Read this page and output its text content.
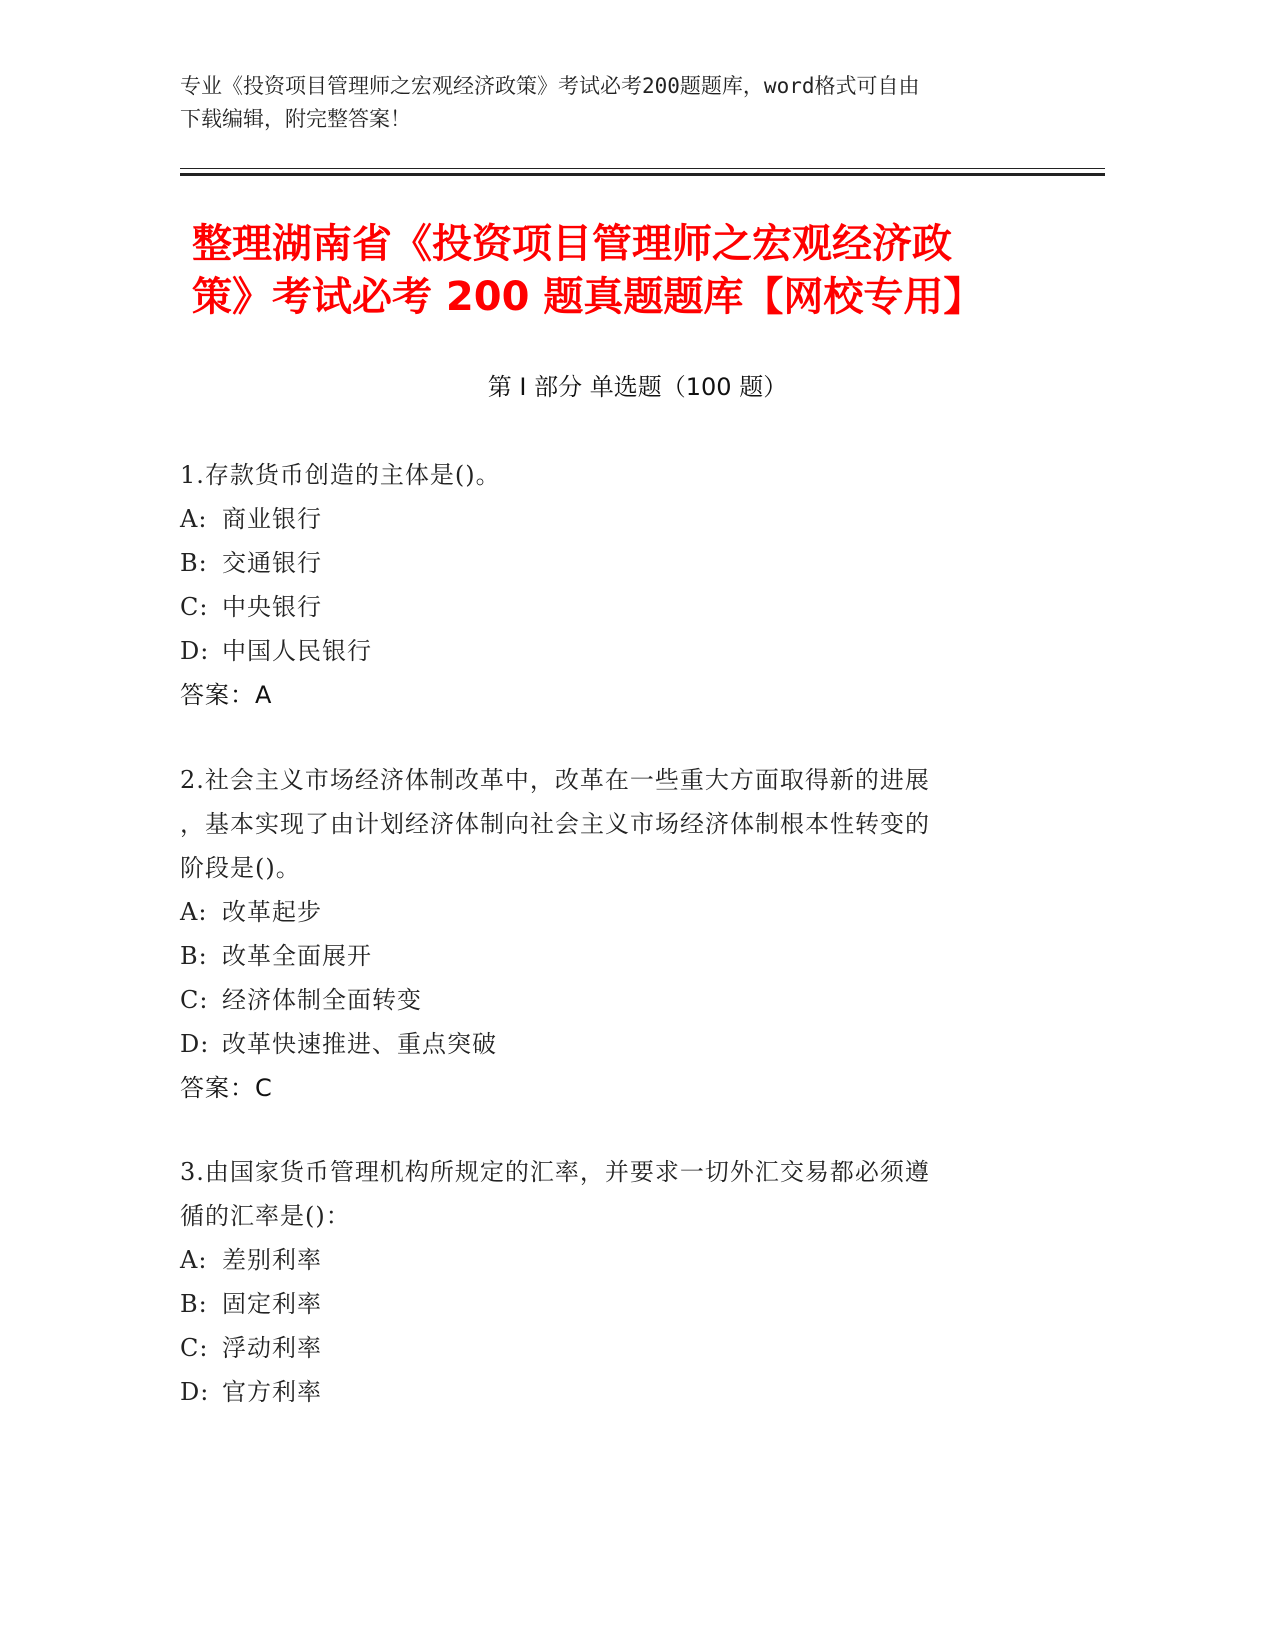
专业《投资项目管理师之宏观经济政策》考试必考200题题库，word格式可自由
下载编辑，附完整答案！
整理湖南省《投资项目管理师之宏观经济政
策》考试必考 200 题真题题库【网校专用】
第 I 部分 单选题（100 题）
1.存款货币创造的主体是()。
A: 商业银行
B: 交通银行
C: 中央银行
D: 中国人民银行
答案：A
2.社会主义市场经济体制改革中，改革在一些重大方面取得新的进展
，基本实现了由计划经济体制向社会主义市场经济体制根本性转变的
阶段是()。
A: 改革起步
B: 改革全面展开
C: 经济体制全面转变
D: 改革快速推进、重点突破
答案：C
3.由国家货币管理机构所规定的汇率，并要求一切外汇交易都必须遵
循的汇率是()：
A: 差别利率
B: 固定利率
C: 浮动利率
D: 官方利率
